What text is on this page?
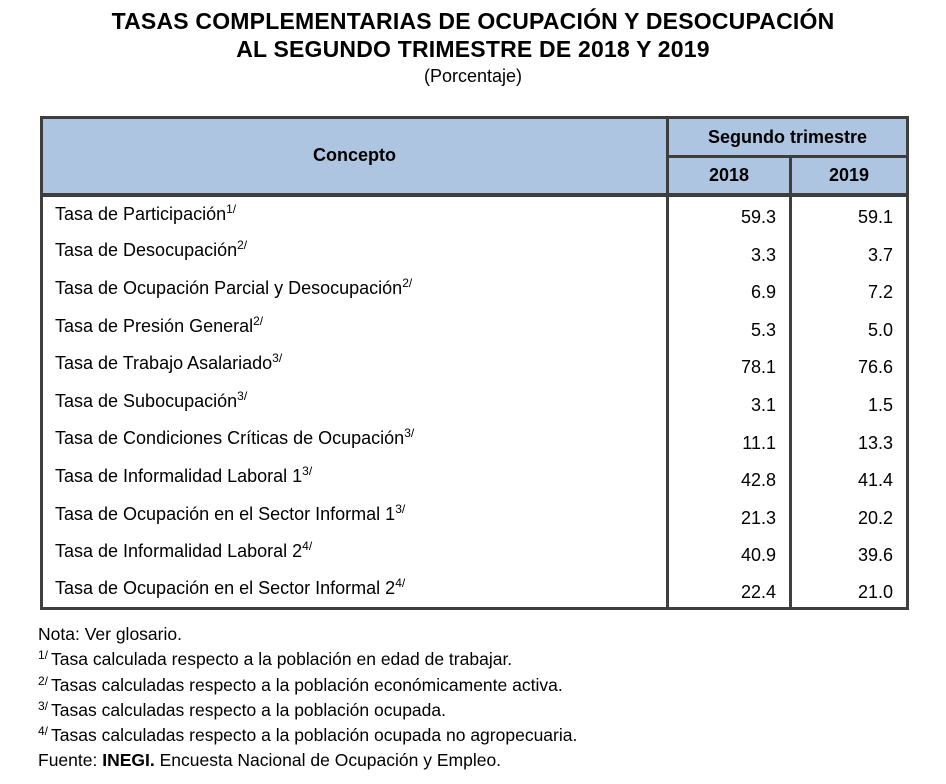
TASAS COMPLEMENTARIAS DE OCUPACIÓN Y DESOCUPACIÓN
AL SEGUNDO TRIMESTRE DE 2018 Y 2019
(Porcentaje)
Concepto	Segundo trimestre	
	2018	2019
Tasa de Participación$^{1/}$	59.3	59.1
Tasa de Desocupación$^{2/}$	3.3	3.7
Tasa de Ocupación Parcial y Desocupación$^{2/}$	6.9	7.2
Tasa de Presión General$^{2/}$	5.3	5.0
Tasa de Trabajo Asalariado$^{3/}$	78.1	76.6
Tasa de Subocupación$^{3/}$	3.1	1.5
Tasa de Condiciones Críticas de Ocupación$^{3/}$	11.1	13.3
Tasa de Informalidad Laboral 1$^{3/}$	42.8	41.4
Tasa de Ocupación en el Sector Informal 1$^{3/}$	21.3	20.2
Tasa de Informalidad Laboral 2$^{4/}$	40.9	39.6
Tasa de Ocupación en el Sector Informal 2$^{4/}$	22.4	21.0
Nota: Ver glosario.
$^{1/}$ Tasa calculada respecto a la población en edad de trabajar.
$^{2/}$ Tasas calculadas respecto a la población económicamente activa.
$^{3/}$ Tasas calculadas respecto a la población ocupada.
$^{4/}$ Tasas calculadas respecto a la población ocupada no agropecuaria.
Fuente: INEGI. Encuesta Nacional de Ocupación y Empleo.
